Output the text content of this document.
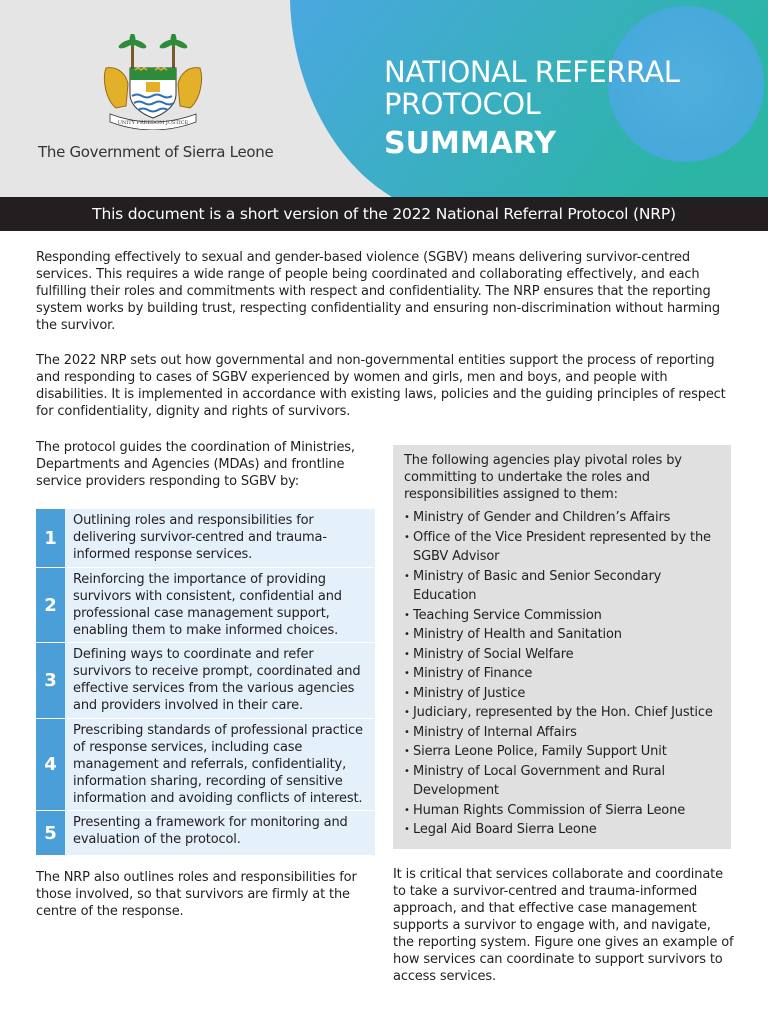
UNITY FREEDOM JUSTICE
The Government of Sierra Leone
NATIONAL REFERRAL PROTOCOL
SUMMARY
This document is a short version of the 2022 National Referral Protocol (NRP)

Responding effectively to sexual and gender-based violence (SGBV) means delivering survivor-centred services. This requires a wide range of people being coordinated and collaborating effectively, and each fulfilling their roles and commitments with respect and confidentiality. The NRP ensures that the reporting system works by building trust, respecting confidentiality and ensuring non-discrimination without harming the survivor.

The 2022 NRP sets out how governmental and non-governmental entities support the process of reporting and responding to cases of SGBV experienced by women and girls, men and boys, and people with disabilities. It is implemented in accordance with existing laws, policies and the guiding principles of respect for confidentiality, dignity and rights of survivors.

The protocol guides the coordination of Ministries, Departments and Agencies (MDAs) and frontline service providers responding to SGBV by:

1
Outlining roles and responsibilities for delivering survivor-centred and trauma-informed response services.
2
Reinforcing the importance of providing survivors with consistent, confidential and professional case management support, enabling them to make informed choices.
3
Defining ways to coordinate and refer survivors to receive prompt, coordinated and effective services from the various agencies and providers involved in their care.
4
Prescribing standards of professional practice of response services, including case management and referrals, confidentiality, information sharing, recording of sensitive information and avoiding conflicts of interest.
5	Presenting a framework for monitoring and evaluation of the protocol.

The NRP also outlines roles and responsibilities for those involved, so that survivors are firmly at the centre of the response.

The following agencies play pivotal roles by committing to undertake the roles and responsibilities assigned to them:

• Ministry of Gender and Children’s Affairs
• Office of the Vice President represented by the SGBV Advisor
• Ministry of Basic and Senior Secondary Education
• Teaching Service Commission
• Ministry of Health and Sanitation
• Ministry of Social Welfare
• Ministry of Finance
• Ministry of Justice
• Judiciary, represented by the Hon. Chief Justice
• Ministry of Internal Affairs
• Sierra Leone Police, Family Support Unit
• Ministry of Local Government and Rural Development
• Human Rights Commission of Sierra Leone
• Legal Aid Board Sierra Leone

It is critical that services collaborate and coordinate to take a survivor-centred and trauma-informed approach, and that effective case management supports a survivor to engage with, and navigate, the reporting system. Figure one gives an example of how services can coordinate to support survivors to access services.
